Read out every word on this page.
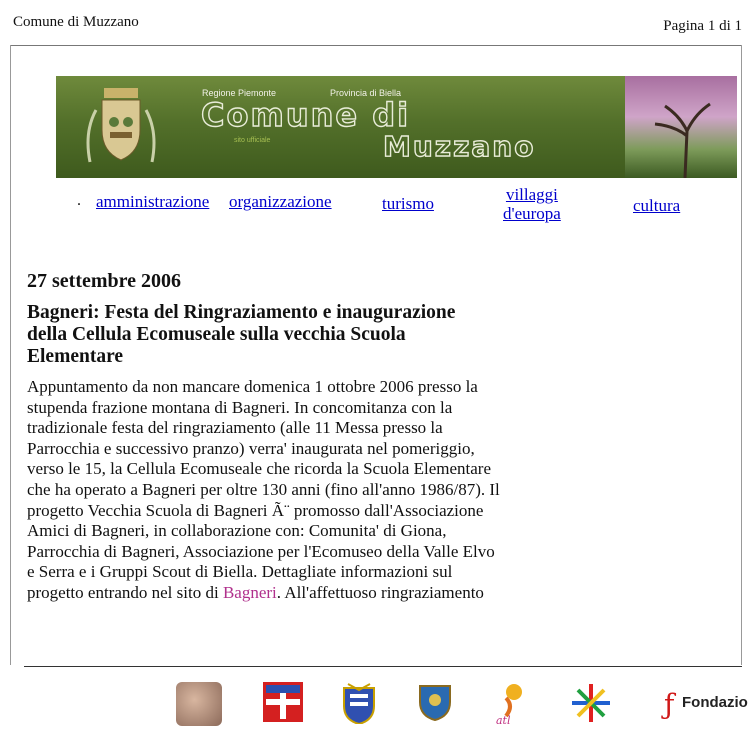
Comune di Muzzano	Pagina 1 di 1
Regione Piemonte	Provincia di Biella
Comune di
sito ufficiale	Muzzano
. amministrazione organizzazione	turismo	villaggi
d'europa	cultura
27 settembre 2006
Bagneri: Festa del Ringraziamento e inaugurazione della Cellula Ecomuseale sulla vecchia Scuola Elementare
Appuntamento da non mancare domenica 1 ottobre 2006 presso la stupenda frazione montana di Bagneri. In concomitanza con la tradizionale festa del ringraziamento (alle 11 Messa presso la Parrocchia e successivo pranzo) verra' inaugurata nel pomeriggio, verso le 15, la Cellula Ecomuseale che ricorda la Scuola Elementare che ha operato a Bagneri per oltre 130 anni (fino all'anno 1986/87). Il progetto Vecchia Scuola di Bagneri Ã¨ promosso dall'Associazione Amici di Bagneri, in collaborazione con: Comunita' di Giona, Parrocchia di Bagneri, Associazione per l'Ecomuseo della Valle Elvo e Serra e i Gruppi Scout di Biella. Dettagliate informazioni sul progetto entrando nel sito di Bagneri. All'affettuoso ringraziamento
atl	ƒ Fondazio
